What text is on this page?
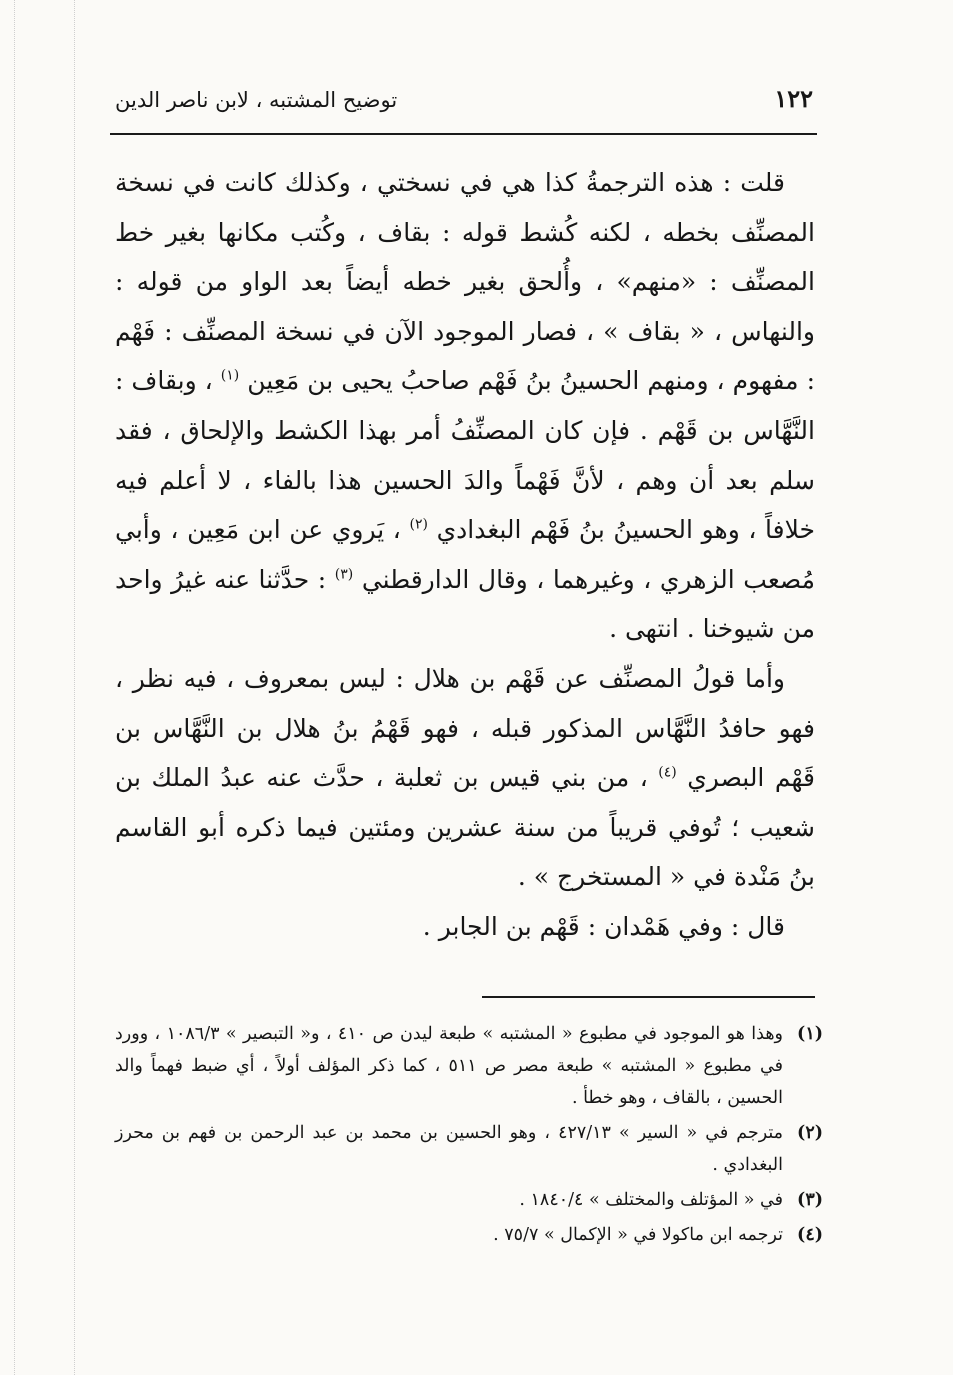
١٢٢
توضيح المشتبه ، لابن ناصر الدين

قلت : هذه الترجمةُ كذا هي في نسختي ، وكذلك كانت في نسخة المصنِّف بخطه ، لكنه كُشط قوله : بقاف ، وكُتب مكانها بغير خط المصنِّف : «منهم» ، وأُلحق بغير خطه أيضاً بعد الواو من قوله : والنهاس ، « بقاف » ، فصار الموجود الآن في نسخة المصنِّف : فَهْم : مفهوم ، ومنهم الحسينُ بنُ فَهْم صاحبُ يحيى بن مَعِين $^{(١)}$ ، وبقاف : النَّهَّاس بن قَهْم . فإن كان المصنِّفُ أمر بهذا الكشط والإلحاق ، فقد سلم بعد أن وهم ، لأنَّ فَهْماً والدَ الحسين هذا بالفاء ، لا أعلم فيه خلافاً ، وهو الحسينُ بنُ فَهْم البغدادي $^{(٢)}$ ، يَروي عن ابن مَعِين ، وأبي مُصعب الزهري ، وغيرهما ، وقال الدارقطني $^{(٣)}$ : حدَّثنا عنه غيرُ واحد من شيوخنا . انتهى .

وأما قولُ المصنِّف عن قَهْم بن هلال : ليس بمعروف ، فيه نظر ، فهو حافدُ النَّهَّاس المذكور قبله ، فهو قَهْمُ بنُ هلال بن النَّهَّاس بن قَهْم البصري $^{(٤)}$ ، من بني قيس بن ثعلبة ، حدَّث عنه عبدُ الملك بن شعيب ؛ تُوفي قريباً من سنة عشرين ومئتين فيما ذكره أبو القاسم بنُ مَنْدة في « المستخرج » .

قال : وفي هَمْدان : قَهْم بن الجابر .

(١)
وهذا هو الموجود في مطبوع « المشتبه » طبعة ليدن ص ٤١٠ ، و« التبصير » ١٠٨٦/٣ ، وورد في مطبوع « المشتبه » طبعة مصر ص ٥١١ ، كما ذكر المؤلف أولاً ، أي ضبط فهماً والد الحسين ، بالقاف ، وهو خطأ .
(٢)
مترجم في « السير » ٤٢٧/١٣ ، وهو الحسين بن محمد بن عبد الرحمن بن فهم بن محرز البغدادي .
(٣)
في « المؤتلف والمختلف » ١٨٤٠/٤ .
(٤)
ترجمه ابن ماكولا في « الإكمال » ٧٥/٧ .
